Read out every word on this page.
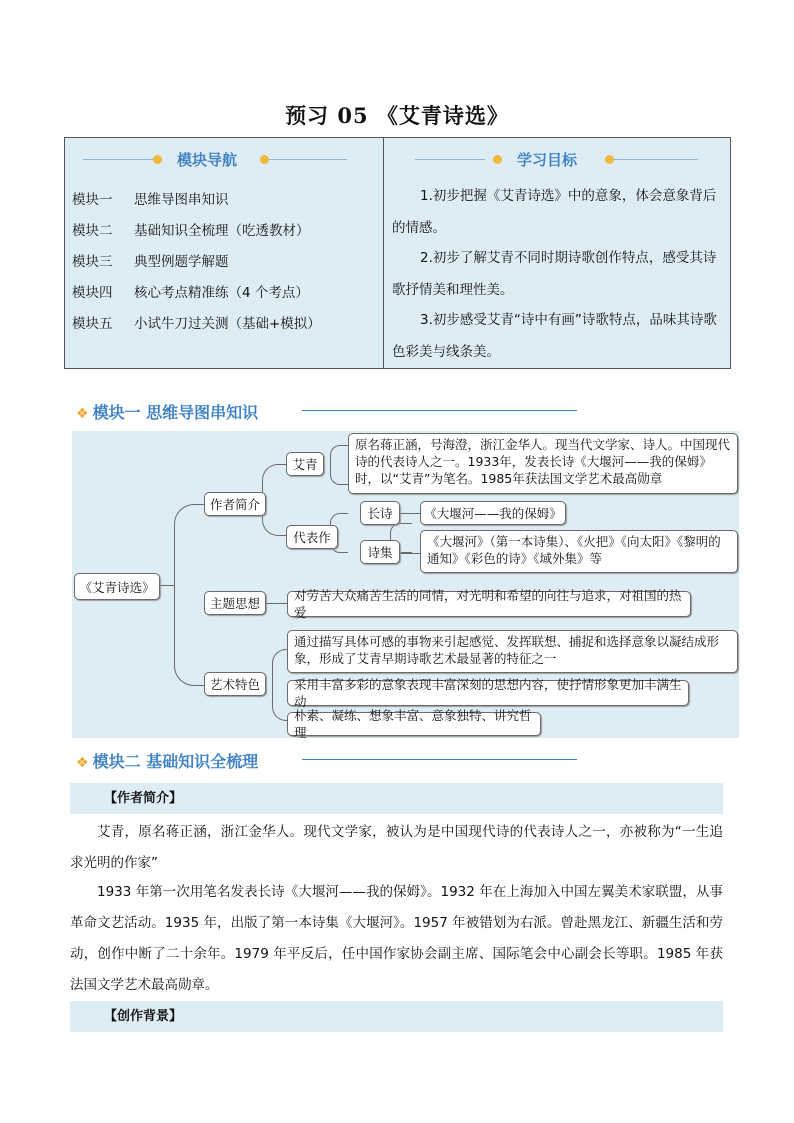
预习 05 《艾青诗选》
模块导航
模块一 思维导图串知识
模块二 基础知识全梳理（吃透教材）
模块三 典型例题学解题
模块四 核心考点精准练（4 个考点）
模块五 小试牛刀过关测（基础+模拟）
学习目标
1.初步把握《艾青诗选》中的意象，体会意象背后的情感。
2.初步了解艾青不同时期诗歌创作特点，感受其诗歌抒情美和理性美。
3.初步感受艾青“诗中有画”诗歌特点，品味其诗歌色彩美与线条美。
❖ 模块一 思维导图串知识
《艾青诗选》
作者简介
艾青
原名蒋正涵，号海澄，浙江金华人。现当代文学家、诗人。中国现代诗的代表诗人之一。1933年，发表长诗《大堰河——我的保姆》时，以“艾青”为笔名。1985年获法国文学艺术最高勋章
代表作
长诗	《大堰河——我的保姆》
诗集
《大堰河》（第一本诗集）、《火把》《向太阳》《黎明的通知》《彩色的诗》《域外集》等
主题思想
对劳苦大众痛苦生活的同情，对光明和希望的向往与追求，对祖国的热爱
艺术特色
通过描写具体可感的事物来引起感觉、发挥联想、捕捉和选择意象以凝结成形象，形成了艾青早期诗歌艺术最显著的特征之一
采用丰富多彩的意象表现丰富深刻的思想内容，使抒情形象更加丰满生动
朴素、凝练、想象丰富、意象独特、讲究哲理
❖ 模块二 基础知识全梳理
【作者简介】
艾青，原名蒋正涵，浙江金华人。现代文学家，被认为是中国现代诗的代表诗人之一，亦被称为“一生追求光明的作家”
1933 年第一次用笔名发表长诗《大堰河——我的保姆》。1932 年在上海加入中国左翼美术家联盟，从事革命文艺活动。1935 年，出版了第一本诗集《大堰河》。1957 年被错划为右派。曾赴黑龙江、新疆生活和劳动，创作中断了二十余年。1979 年平反后，任中国作家协会副主席、国际笔会中心副会长等职。1985 年获法国文学艺术最高勋章。
【创作背景】
